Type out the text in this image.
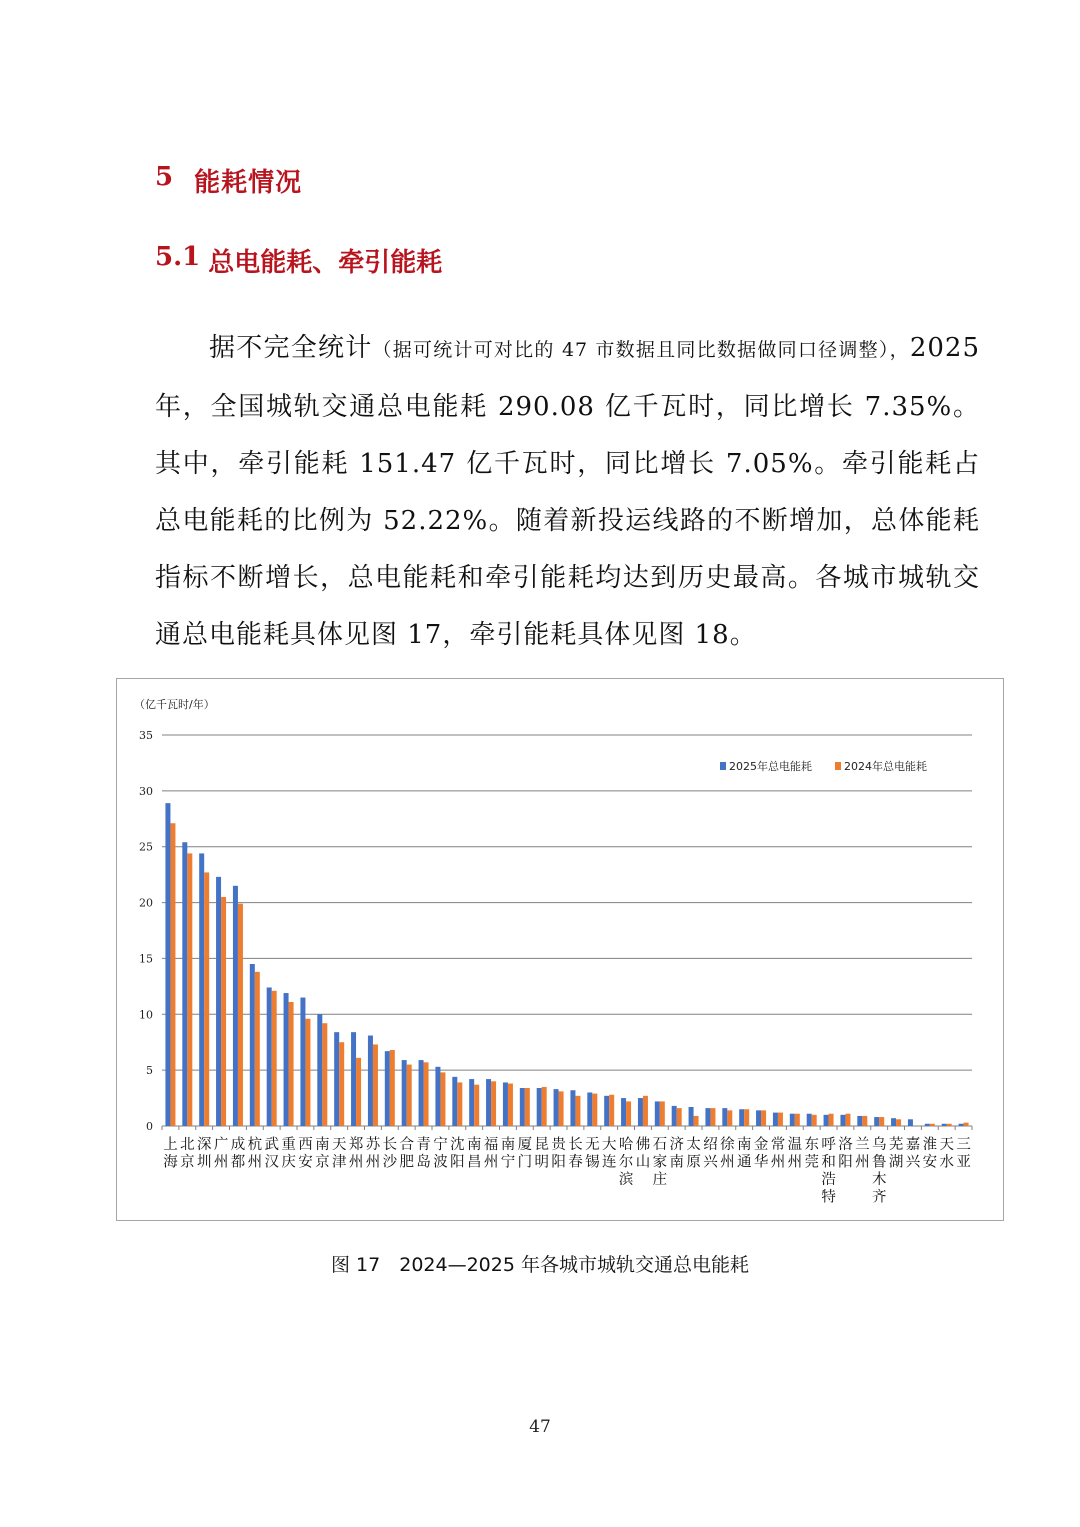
5 能耗情况
5.1 总电能耗、牵引能耗

据不完全统计（据可统计可对比的 47 市数据且同比数据做同口径调整），2025 年，全国城轨交通总电能耗 290.08 亿千瓦时，同比增长 7.35%。其中，牵引能耗 151.47 亿千瓦时，同比增长 7.05%。牵引能耗占总电能耗的比例为 52.22%。随着新投运线路的不断增加，总体能耗指标不断增长，总电能耗和牵引能耗均达到历史最高。各城市城轨交通总电能耗具体见图 17，牵引能耗具体见图 18。

（亿千瓦时/年）
0
5
10
15
20
25
30
35
上海
北京
深圳
广州
成都
杭州
武汉
重庆
西安
南京
天津
郑州
苏州
长沙
合肥
青岛
宁波
沈阳
南昌
福州
南宁
厦门
昆明
贵阳
长春
无锡
大连
哈尔滨
佛山
石家庄
济南
太原
绍兴
徐州
南通
金华
常州
温州
东莞
呼和浩特
洛阳
兰州
乌鲁木齐
芜湖
嘉兴
淮安
天水
三亚
2025年总电能耗	2024年总电能耗
图 17　2024—2025 年各城市城轨交通总电能耗
47
